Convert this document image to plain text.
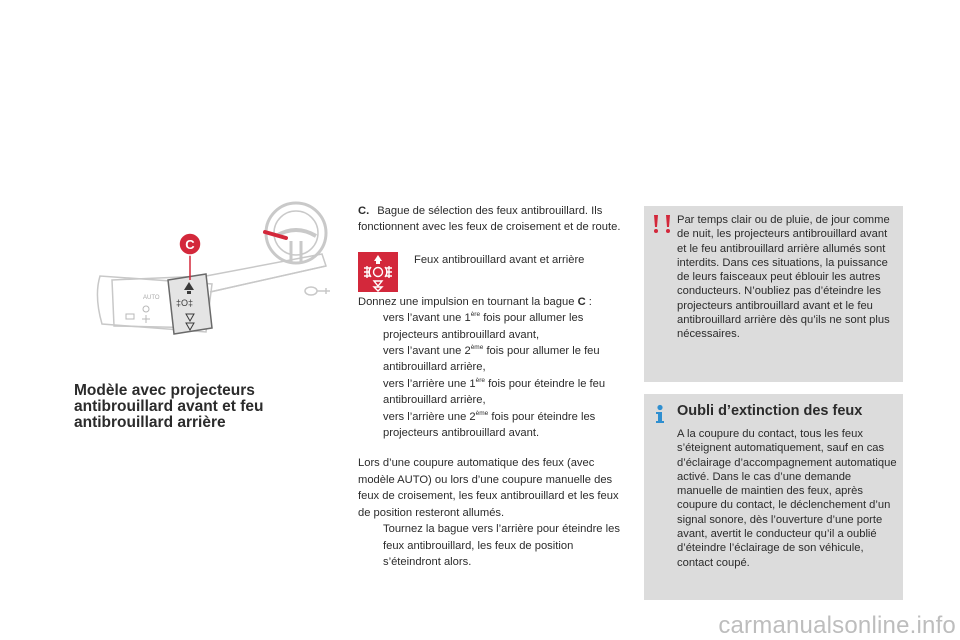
AUTO ‡O‡
C
Modèle avec projecteurs antibrouillard avant et feu antibrouillard arrière

C. Bague de sélection des feux antibrouillard. Ils fonctionnent avec les feux de croisement et de route.

Feux antibrouillard avant et arrière

Donnez une impulsion en tournant la bague C :

vers l’avant une 1ère fois pour allumer les projecteurs antibrouillard avant,
vers l’avant une 2ème fois pour allumer le feu antibrouillard arrière,
vers l’arrière une 1ère fois pour éteindre le feu antibrouillard arrière,
vers l’arrière une 2ème fois pour éteindre les projecteurs antibrouillard avant.

Lors d’une coupure automatique des feux (avec modèle AUTO) ou lors d’une coupure manuelle des feux de croisement, les feux antibrouillard et les feux de position resteront allumés.

Tournez la bague vers l’arrière pour éteindre les feux antibrouillard, les feux de position s’éteindront alors.
Par temps clair ou de pluie, de jour comme de nuit, les projecteurs antibrouillard avant et le feu antibrouillard arrière allumés sont interdits. Dans ces situations, la puissance de leurs faisceaux peut éblouir les autres conducteurs. N’oubliez pas d’éteindre les projecteurs antibrouillard avant et le feu antibrouillard arrière dès qu’ils ne sont plus nécessaires.
Oubli d’extinction des feux
A la coupure du contact, tous les feux s’éteignent automatiquement, sauf en cas d’éclairage d’accompagnement automatique activé. Dans le cas d’une demande manuelle de maintien des feux, après coupure du contact, le déclenchement d’un signal sonore, dès l’ouverture d’une porte avant, avertit le conducteur qu’il a oublié d’éteindre l’éclairage de son véhicule, contact coupé.
carmanualsonline.info
